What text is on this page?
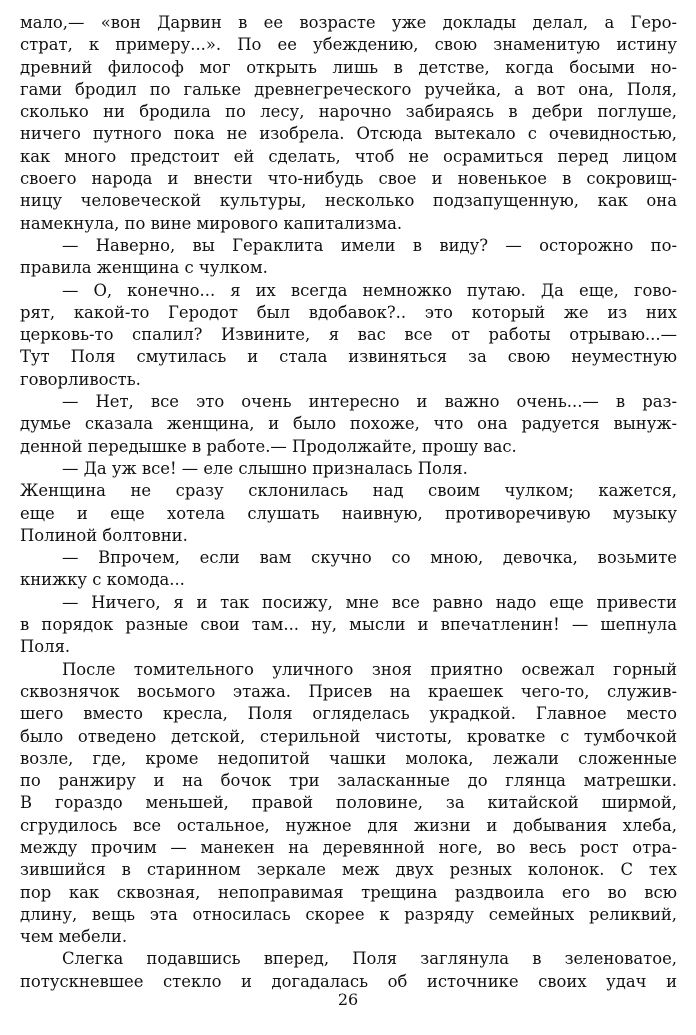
мало,— «вон Дарвин в ее возрасте уже доклады делал, а Геро-
страт, к примеру...». По ее убеждению, свою знаменитую истину
древний философ мог открыть лишь в детстве, когда босыми но-
гами бродил по гальке древнегреческого ручейка, а вот она, Поля,
сколько ни бродила по лесу, нарочно забираясь в дебри поглуше,
ничего путного пока не изобрела. Отсюда вытекало с очевидностью,
как много предстоит ей сделать, чтоб не осрамиться перед лицом
своего народа и внести что-нибудь свое и новенькое в сокровищ-
ницу человеческой культуры, несколько подзапущенную, как она
намекнула, по вине мирового капитализма.
— Наверно, вы Гераклита имели в виду? — осторожно по-
правила женщина с чулком.
— О, конечно... я их всегда немножко путаю. Да еще, гово-
рят, какой-то Геродот был вдобавок?.. это который же из них
церковь-то спалил? Извините, я вас все от работы отрываю...—
Тут Поля смутилась и стала извиняться за свою неуместную
говорливость.
— Нет, все это очень интересно и важно очень...— в раз-
думье сказала женщина, и было похоже, что она радуется вынуж-
денной передышке в работе.— Продолжайте, прошу вас.
— Да уж все! — еле слышно призналась Поля.
Женщина не сразу склонилась над своим чулком; кажется,
еще и еще хотела слушать наивную, противоречивую музыку
Полиной болтовни.
— Впрочем, если вам скучно со мною, девочка, возьмите
книжку с комода...
— Ничего, я и так посижу, мне все равно надо еще привести
в порядок разные свои там... ну, мысли и впечатленин! — шепнула
Поля.
После томительного уличного зноя приятно освежал горный
сквознячок восьмого этажа. Присев на краешек чего-то, служив-
шего вместо кресла, Поля огляделась украдкой. Главное место
было отведено детской, стерильной чистоты, кроватке с тумбочкой
возле, где, кроме недопитой чашки молока, лежали сложенные
по ранжиру и на бочок три заласканные до глянца матрешки.
В гораздо меньшей, правой половине, за китайской ширмой,
сгрудилось все остальное, нужное для жизни и добывания хлеба,
между прочим — манекен на деревянной ноге, во весь рост отра-
зившийся в старинном зеркале меж двух резных колонок. С тех
пор как сквозная, непоправимая трещина раздвоила его во всю
длину, вещь эта относилась скорее к разряду семейных реликвий,
чем мебели.
Слегка подавшись вперед, Поля заглянула в зеленоватое,
потускневшее стекло и догадалась об источнике своих удач и
26
